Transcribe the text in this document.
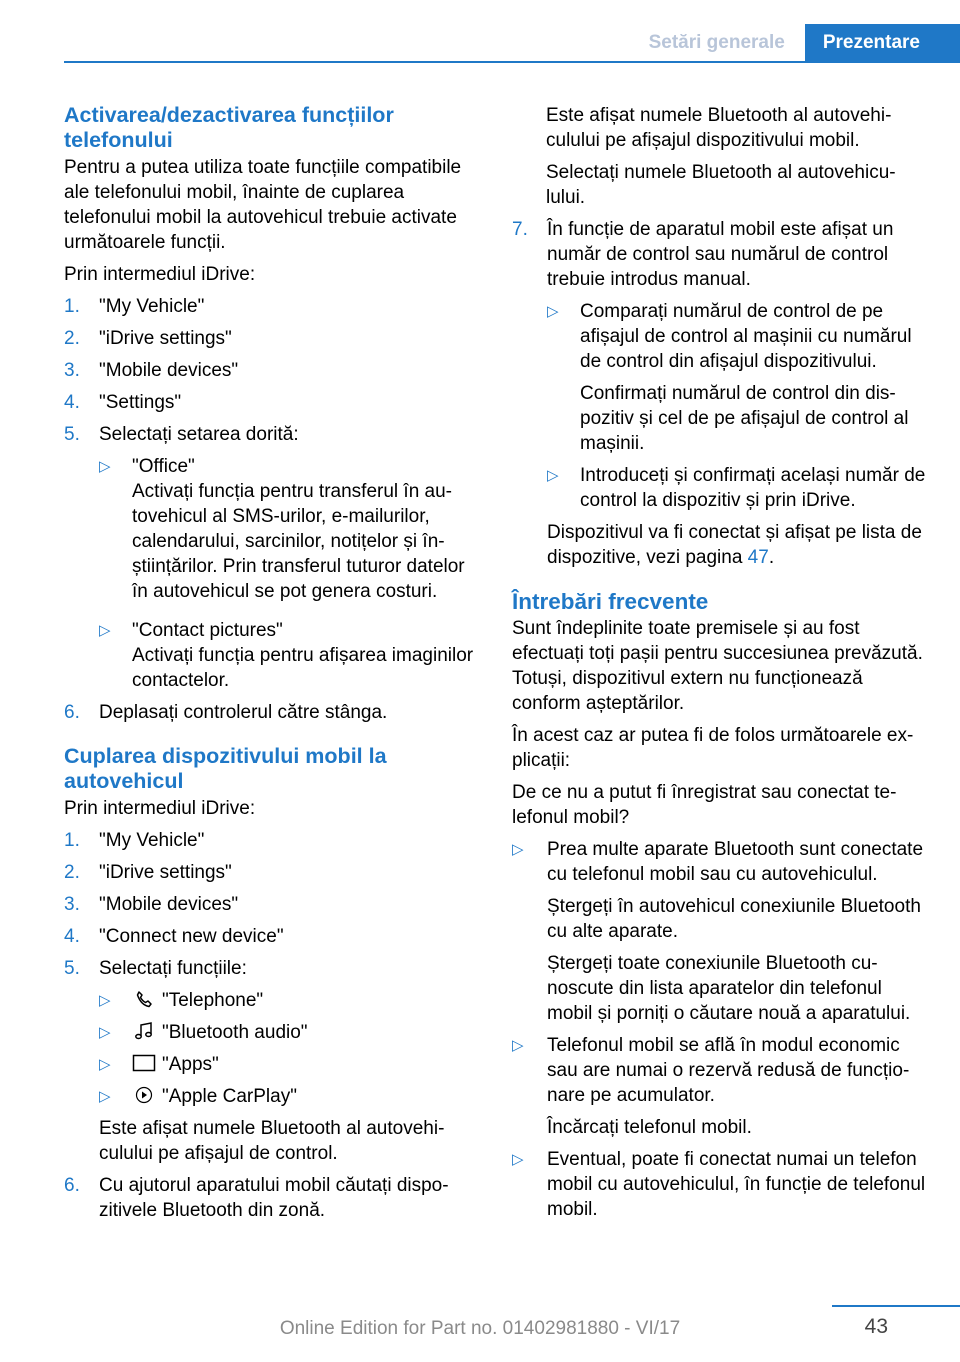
Setări generale	Prezentare
Activarea/dezactivarea funcțiilor telefonului
Pentru a putea utiliza toate funcțiile compatibile ale telefonului mobil, înainte de cuplarea telefonului mobil la autovehicul trebuie activate următoarele funcții.
Prin intermediul iDrive:
1. "My Vehicle"
2. "iDrive settings"
3. "Mobile devices"
4. "Settings"
5. Selectați setarea dorită:
▷ "Office"
Activați funcția pentru transferul în autovehicul al SMS-urilor, e-mailurilor, calendarului, sarcinilor, notițelor și înștiințărilor. Prin transferul tuturor datelor în autovehicul se pot genera costuri.
▷ "Contact pictures"
Activați funcția pentru afișarea imaginilor contactelor.
6. Deplasați controlerul către stânga.
Cuplarea dispozitivului mobil la autovehicul
Prin intermediul iDrive:
1. "My Vehicle"
2. "iDrive settings"
3. "Mobile devices"
4. "Connect new device"
5. Selectați funcțiile:
▷	"Telephone"
▷	"Bluetooth audio"
▷	"Apps"
▷	"Apple CarPlay"
Este afișat numele Bluetooth al autovehiculului pe afișajul de control.
6. Cu ajutorul aparatului mobil căutați dispozitivele Bluetooth din zonă.
Este afișat numele Bluetooth al autovehiculului pe afișajul dispozitivului mobil.
Selectați numele Bluetooth al autovehiculului.
7. În funcție de aparatul mobil este afișat un număr de control sau numărul de control trebuie introdus manual.
▷ Comparați numărul de control de pe afișajul de control al mașinii cu numărul de control din afișajul dispozitivului.
Confirmați numărul de control din dispozitiv și cel de pe afișajul de control al mașinii.
▷ Introduceți și confirmați același număr de control la dispozitiv și prin iDrive.
Dispozitivul va fi conectat și afișat pe lista de dispozitive, vezi pagina 47.
Întrebări frecvente
Sunt îndeplinite toate premisele și au fost efectuați toți pașii pentru succesiunea prevăzută. Totuși, dispozitivul extern nu funcționează conform așteptărilor.
În acest caz ar putea fi de folos următoarele explicații:
De ce nu a putut fi înregistrat sau conectat telefonul mobil?
▷ Prea multe aparate Bluetooth sunt conectate cu telefonul mobil sau cu autovehiculul.
Ștergeți în autovehicul conexiunile Bluetooth cu alte aparate.
Ștergeți toate conexiunile Bluetooth cunoscute din lista aparatelor din telefonul mobil și porniți o căutare nouă a aparatului.
▷ Telefonul mobil se află în modul economic sau are numai o rezervă redusă de funcționare pe acumulator.
Încărcați telefonul mobil.
▷ Eventual, poate fi conectat numai un telefon mobil cu autovehiculul, în funcție de telefonul mobil.
43
Online Edition for Part no. 01402981880 - VI/17
